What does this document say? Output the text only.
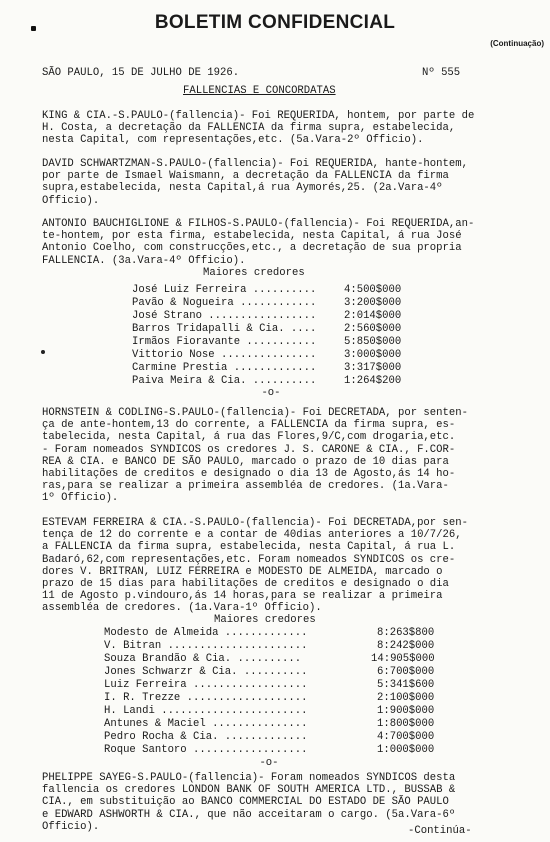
BOLETIM CONFIDENCIAL
(Continuação)
SÃO PAULO, 15 DE JULHO DE 1926.	Nº 555
FALLENCIAS E CONCORDATAS
KING & CIA.-S.PAULO-(fallencia)- Foi REQUERIDA, hontem, por parte de
H. Costa, a decretação da FALLENCIA da firma supra, estabelecida,
nesta Capital, com representações,etc. (5a.Vara-2º Officio).
DAVID SCHWARTZMAN-S.PAULO-(fallencia)- Foi REQUERIDA, hante-hontem,
por parte de Ismael Waismann, a decretação da FALLENCIA da firma
supra,estabelecida, nesta Capital,á rua Aymorés,25. (2a.Vara-4º
Officio).
ANTONIO BAUCHIGLIONE & FILHOS-S.PAULO-(fallencia)- Foi REQUERIDA,an-
te-hontem, por esta firma, estabelecida, nesta Capital, á rua José
Antonio Coelho, com construcções,etc., a decretação de sua propria
FALLENCIA. (3a.Vara-4º Officio).
Maiores credores
José Luiz Ferreira ..........	4:500$000
Pavão & Nogueira ............	3:200$000
José Strano .................	2:014$000
Barros Tridapalli & Cia. ....	2:560$000
Irmãos Fioravante ...........	5:850$000
Vittorio Nose ...............	3:000$000
Carmine Prestia .............	3:317$000
Paiva Meira & Cia. ..........	1:264$200
-o-
HORNSTEIN & CODLING-S.PAULO-(fallencia)- Foi DECRETADA, por senten-
ça de ante-hontem,13 do corrente, a FALLENCIA da firma supra, es-
tabelecida, nesta Capital, á rua das Flores,9/C,com drogaria,etc.
- Foram nomeados SYNDICOS os credores J. S. CARONE & CIA., F.COR-
REA & CIA. e BANCO DE SÃO PAULO, marcado o prazo de 10 dias para
habilitações de creditos e designado o dia 13 de Agosto,ás 14 ho-
ras,para se realizar a primeira assembléa de credores. (1a.Vara-
1º Officio).
ESTEVAM FERREIRA & CIA.-S.PAULO-(fallencia)- Foi DECRETADA,por sen-
tença de 12 do corrente e a contar de 40dias anteriores a 10/7/26,
a FALLENCIA da firma supra, estabelecida, nesta Capital, á rua L.
Badaró,62,com representações,etc. Foram nomeados SYNDICOS os cre-
dores V. BRITRAN, LUIZ FERREIRA e MODESTO DE ALMEIDA, marcado o
prazo de 15 dias para habilitações de creditos e designado o dia
11 de Agosto p.vindouro,ás 14 horas,para se realizar a primeira
assembléa de credores. (1a.Vara-1º Officio).
Maiores credores
Modesto de Almeida .............	8:263$800
V. Bitran ......................	8:242$000
Souza Brandão & Cia. ..........	14:905$000
Jones Schwarzr & Cia. ..........	6:700$000
Luiz Ferreira ..................	5:341$600
I. R. Trezze ...................	2:100$000
H. Landi .......................	1:900$000
Antunes & Maciel ...............	1:800$000
Pedro Rocha & Cia. .............	4:700$000
Roque Santoro ..................	1:000$000
-o-
PHELIPPE SAYEG-S.PAULO-(fallencia)- Foram nomeados SYNDICOS desta
fallencia os credores LONDON BANK OF SOUTH AMERICA LTD., BUSSAB &
CIA., em substituição ao BANCO COMMERCIAL DO ESTADO DE SÃO PAULO
e EDWARD ASHWORTH & CIA., que não acceitaram o cargo. (5a.Vara-6º
Officio).	-Continúa-
